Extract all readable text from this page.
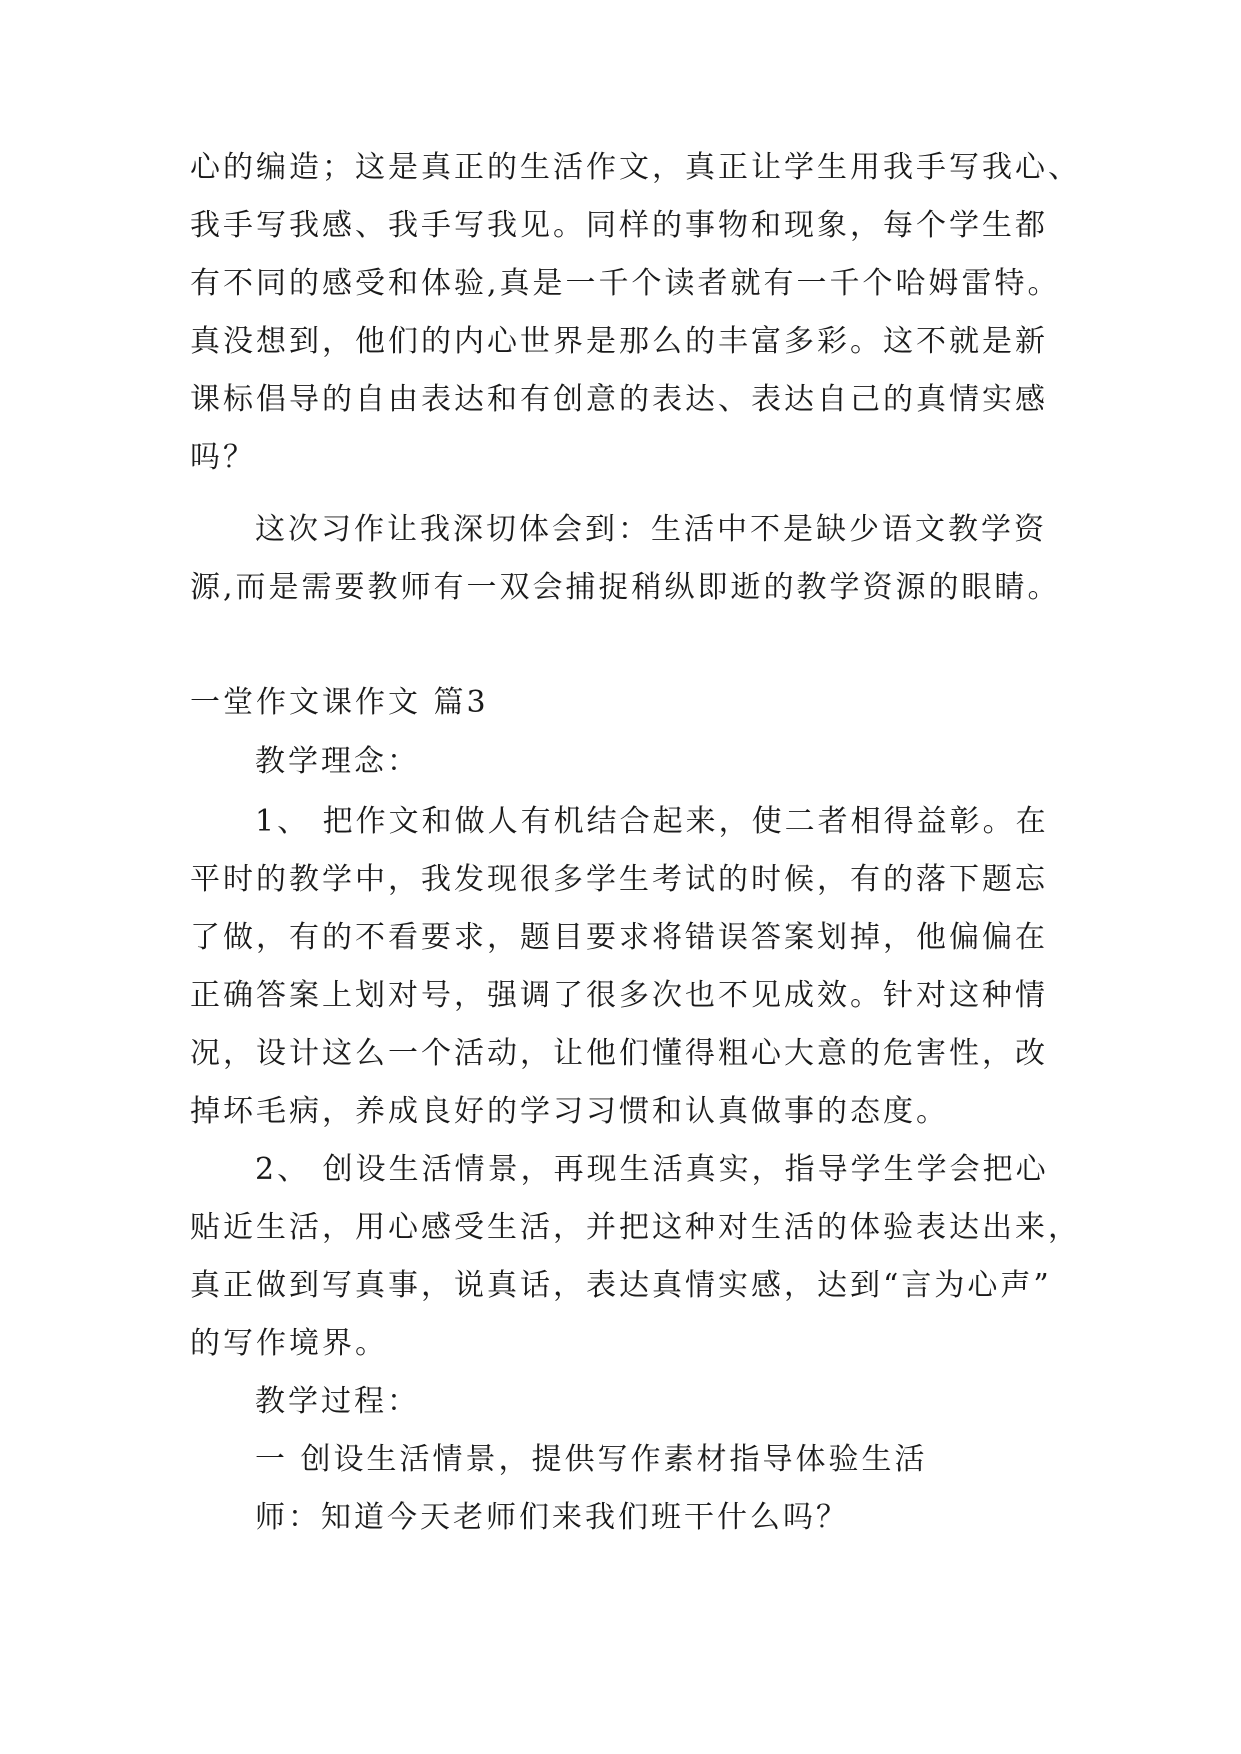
心的编造；这是真正的生活作文，真正让学生用我手写我心、
我手写我感、我手写我见。同样的事物和现象，每个学生都
有不同的感受和体验,真是一千个读者就有一千个哈姆雷特。
真没想到，他们的内心世界是那么的丰富多彩。这不就是新
课标倡导的自由表达和有创意的表达、表达自己的真情实感
吗？
这次习作让我深切体会到：生活中不是缺少语文教学资
源,而是需要教师有一双会捕捉稍纵即逝的教学资源的眼睛。
一堂作文课作文 篇3
教学理念：
1、 把作文和做人有机结合起来，使二者相得益彰。在
平时的教学中，我发现很多学生考试的时候，有的落下题忘
了做，有的不看要求，题目要求将错误答案划掉，他偏偏在
正确答案上划对号，强调了很多次也不见成效。针对这种情
况，设计这么一个活动，让他们懂得粗心大意的危害性，改
掉坏毛病，养成良好的学习习惯和认真做事的态度。
2、 创设生活情景，再现生活真实，指导学生学会把心
贴近生活，用心感受生活，并把这种对生活的体验表达出来，
真正做到写真事，说真话，表达真情实感，达到“言为心声”
的写作境界。
教学过程：
一 创设生活情景，提供写作素材指导体验生活
师：知道今天老师们来我们班干什么吗？
